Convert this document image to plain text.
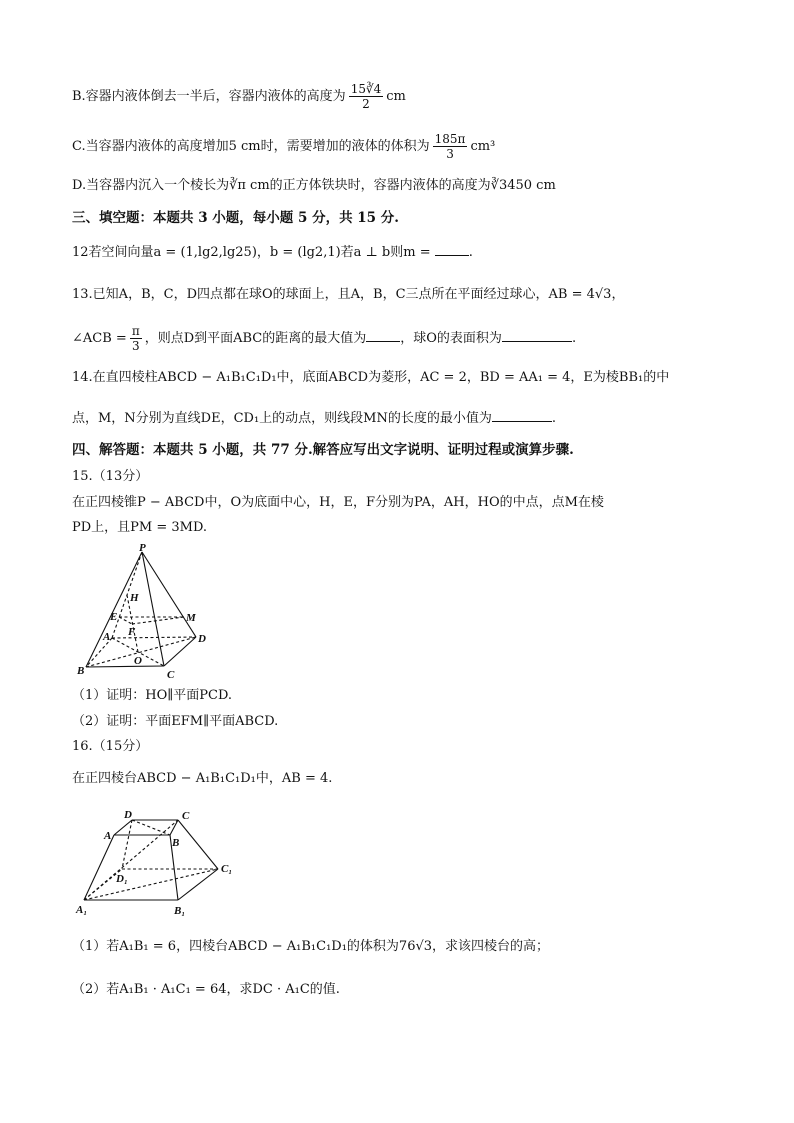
B.容器内液体倒去一半后，容器内液体的高度为 $\frac{15∛4}{2}$ cm
C.当容器内液体的高度增加5 cm时，需要增加的液体的体积为 $\frac{185\pi}{3} cm^3$
D.当容器内沉入一个棱长为∛π cm的正方体铁块时，容器内液体的高度为∛3450 cm
三、填空题：本题共 3 小题，每小题 5 分，共 15 分.
12若空间向量a = (1,lg2,lg25)，b = (lg2,1)若a ⊥ b则m =	.
13.已知A，B，C，D四点都在球O的球面上，且A，B，C三点所在平面经过球心，AB = 4√3，
∠ACB = $\frac{\pi}{3}$ ，则点D到平面ABC的距离的最大值为	，球O的表面积为	.
14.在直四棱柱ABCD − A₁B₁C₁D₁中，底面ABCD为菱形，AC = 2，BD = AA₁ = 4，E为棱BB₁的中
点，M，N分别为直线DE，CD₁上的动点，则线段MN的长度的最小值为	.
四、解答题：本题共 5 小题，共 77 分.解答应写出文字说明、证明过程或演算步骤.
15.（13分）
在正四棱锥P − ABCD中，O为底面中心，H，E，F分别为PA，AH，HO的中点，点M在棱
PD上，且PM = 3MD.
P
H
E
F
M
A	D
O
B	C
（1）证明：HO∥平面PCD.
（2）证明：平面EFM∥平面ABCD.
16.（15分）
在正四棱台ABCD − A₁B₁C₁D₁中，AB = 4.
D	C
A
B
D₁
C₁
A₁	B₁
（1）若A₁B₁ = 6，四棱台ABCD − A₁B₁C₁D₁的体积为76√3，求该四棱台的高；
（2）若A₁B₁ · A₁C₁ = 64，求DC · A₁C的值.
